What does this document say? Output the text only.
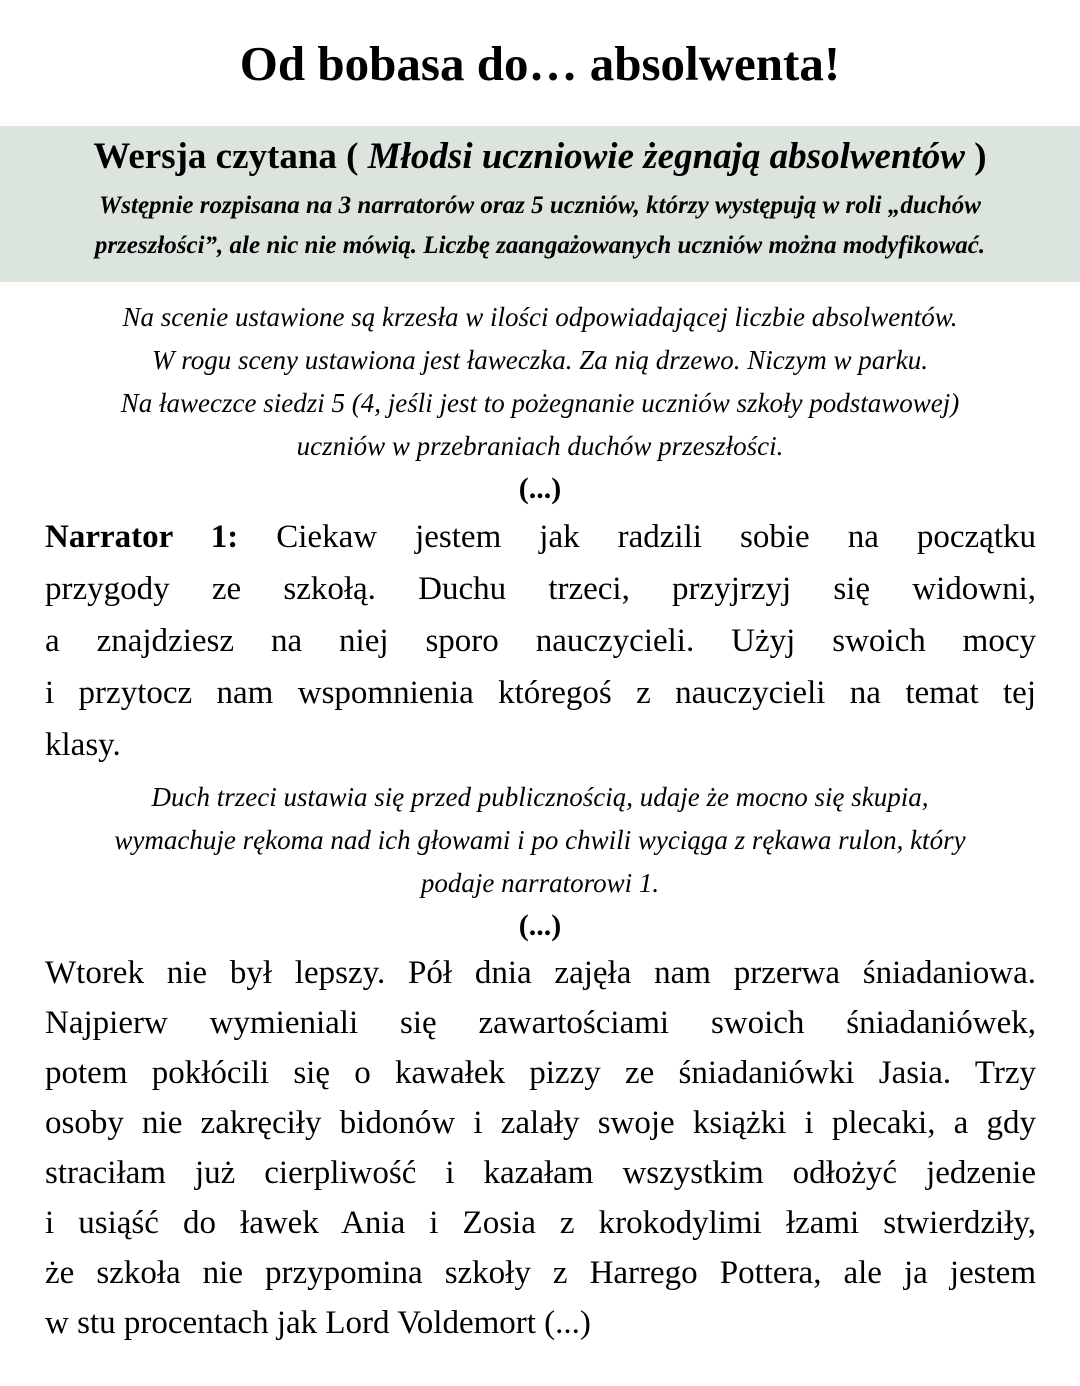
Od bobasa do… absolwenta!
Wersja czytana ( Młodsi uczniowie żegnają absolwentów )
Wstępnie rozpisana na 3 narratorów oraz 5 uczniów, którzy występują w roli „duchów
przeszłości”, ale nic nie mówią. Liczbę zaangażowanych uczniów można modyfikować.
Na scenie ustawione są krzesła w ilości odpowiadającej liczbie absolwentów.
W rogu sceny ustawiona jest ławeczka. Za nią drzewo. Niczym w parku.
Na ławeczce siedzi 5 (4, jeśli jest to pożegnanie uczniów szkoły podstawowej)
uczniów w przebraniach duchów przeszłości.
(...)
Narrator 1: Ciekaw jestem jak radzili sobie na początku
przygody ze szkołą. Duchu trzeci, przyjrzyj się widowni,
a znajdziesz na niej sporo nauczycieli. Użyj swoich mocy
i przytocz nam wspomnienia któregoś z nauczycieli na temat tej
klasy.
Duch trzeci ustawia się przed publicznością, udaje że mocno się skupia,
wymachuje rękoma nad ich głowami i po chwili wyciąga z rękawa rulon, który
podaje narratorowi 1.
(...)
Wtorek nie był lepszy. Pół dnia zajęła nam przerwa śniadaniowa.
Najpierw wymieniali się zawartościami swoich śniadaniówek,
potem pokłócili się o kawałek pizzy ze śniadaniówki Jasia. Trzy
osoby nie zakręciły bidonów i zalały swoje książki i plecaki, a gdy
straciłam już cierpliwość i kazałam wszystkim odłożyć jedzenie
i usiąść do ławek Ania i Zosia z krokodylimi łzami stwierdziły,
że szkoła nie przypomina szkoły z Harrego Pottera, ale ja jestem
w stu procentach jak Lord Voldemort (...)
